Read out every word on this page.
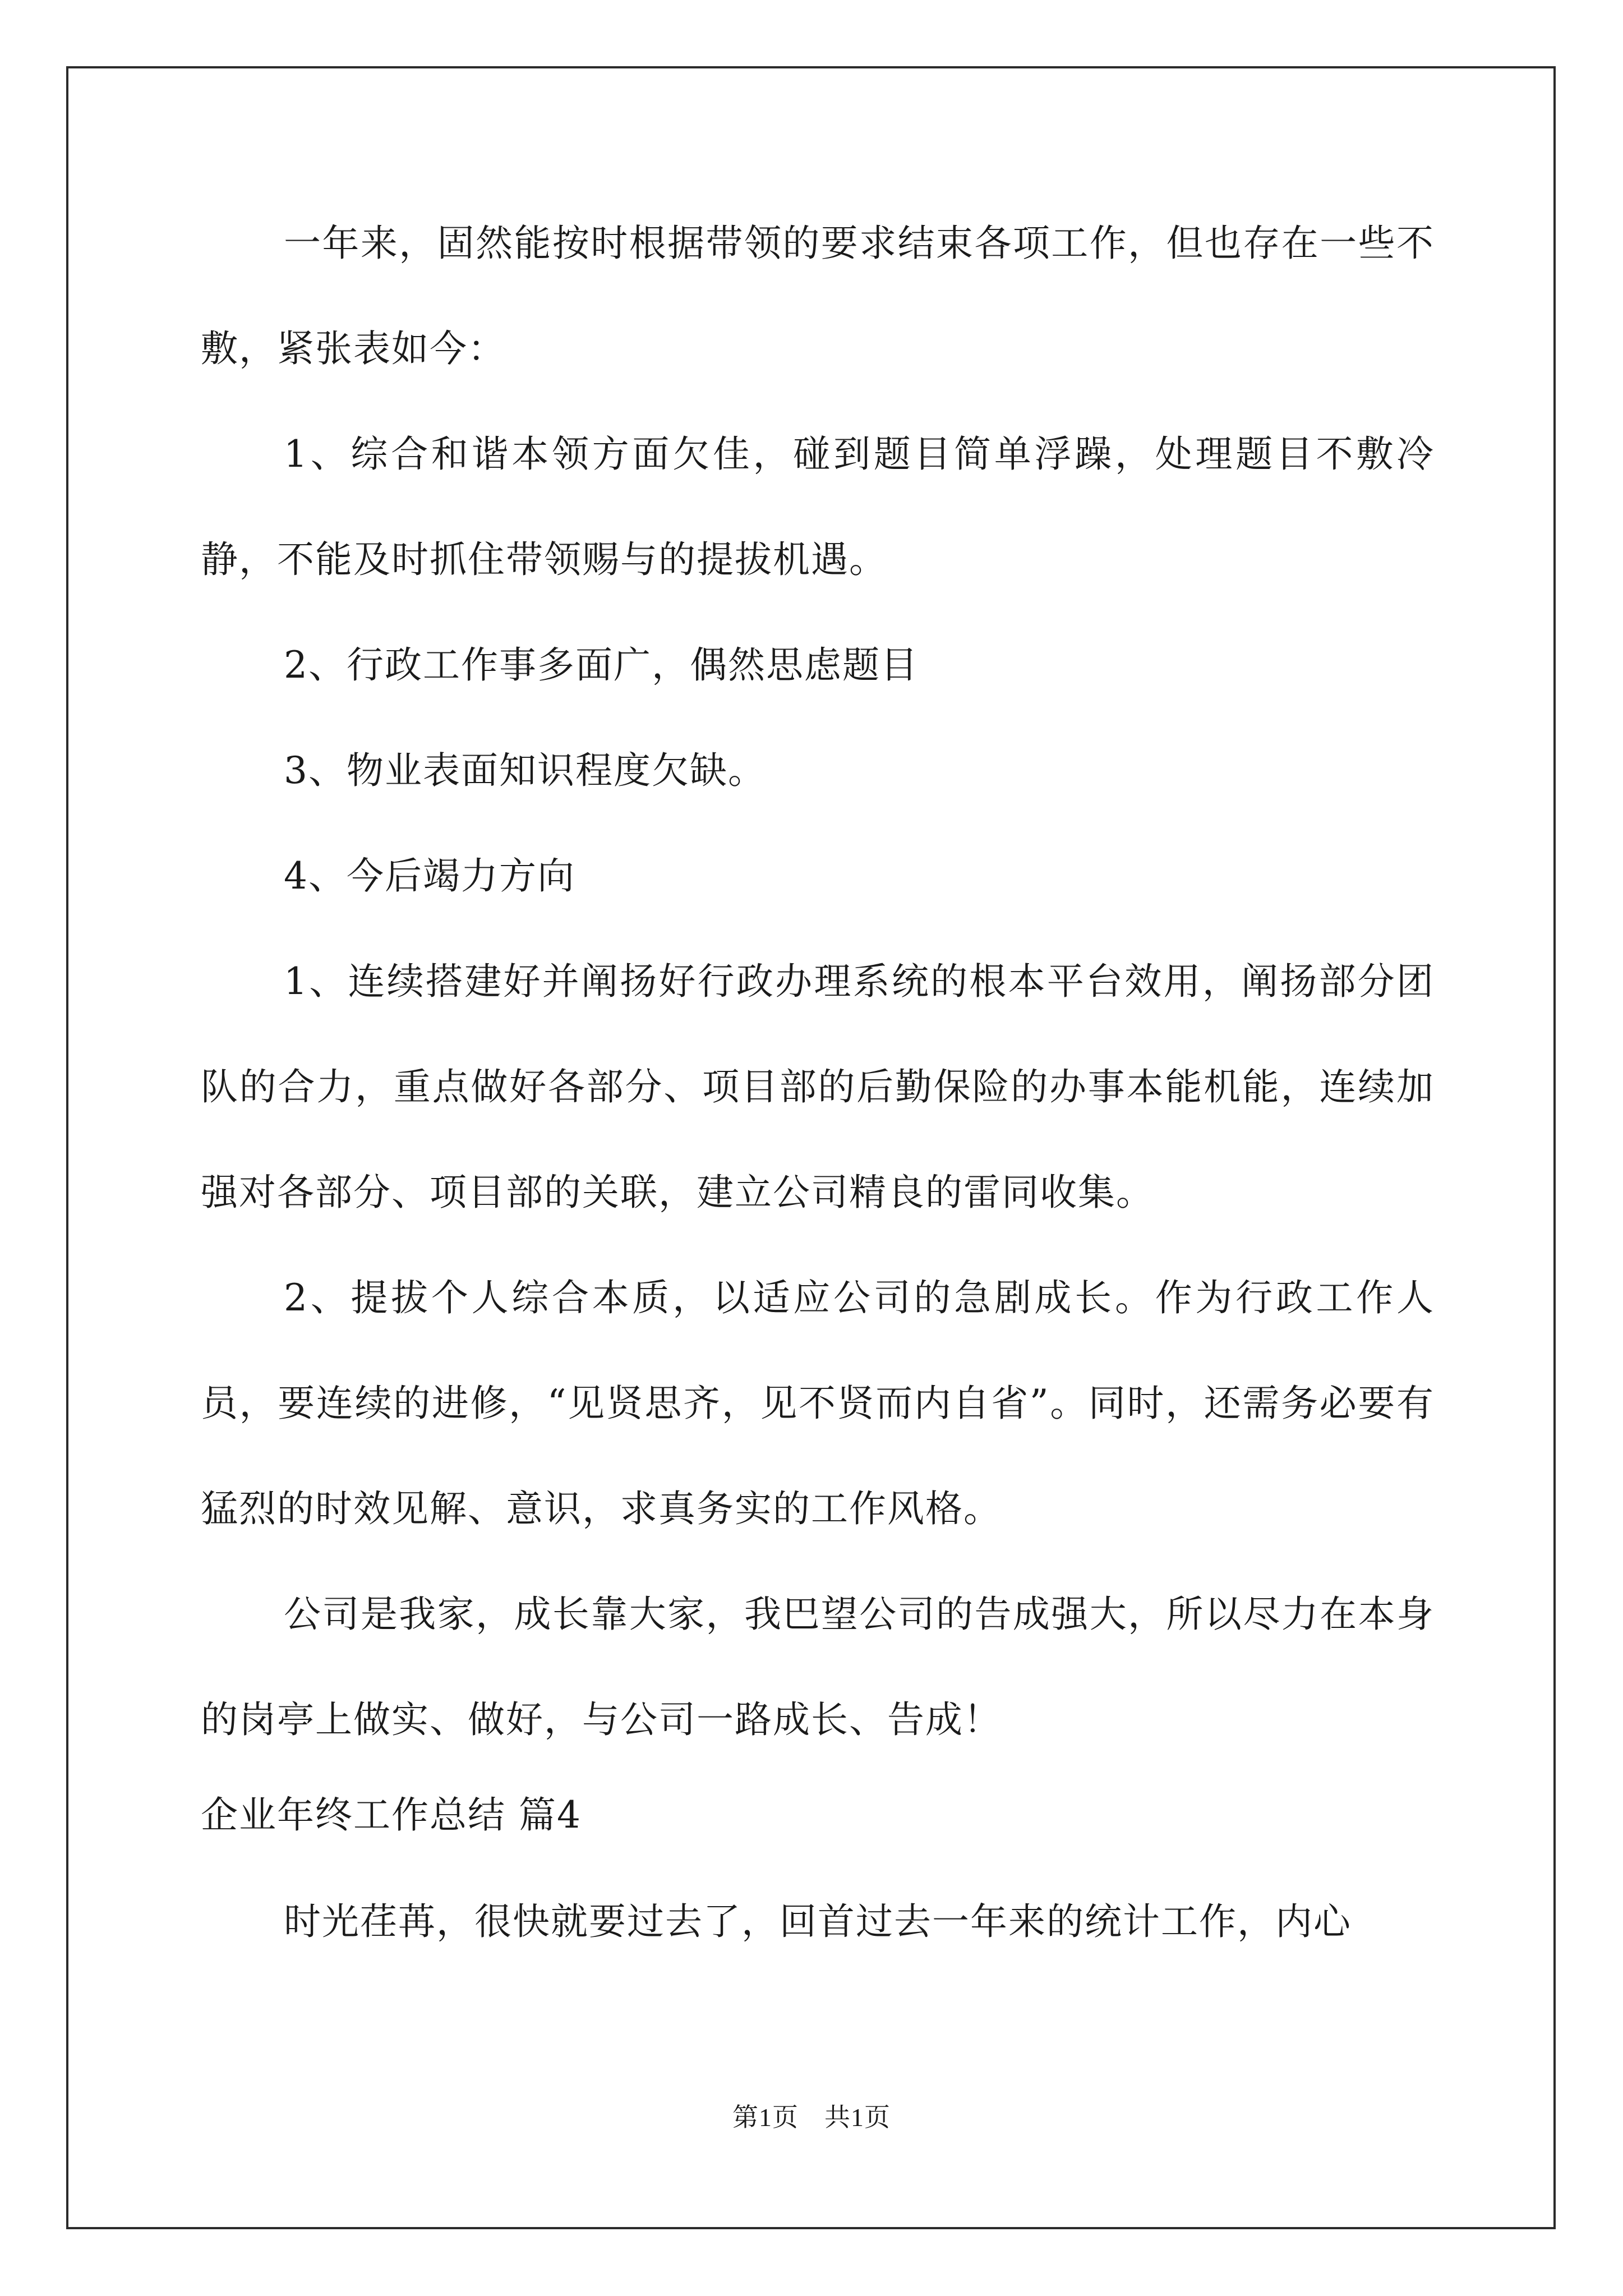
一年来，固然能按时根据带领的要求结束各项工作，但也存在一些不敷，紧张表如今：

1、综合和谐本领方面欠佳，碰到题目简单浮躁，处理题目不敷冷静，不能及时抓住带领赐与的提拔机遇。

2、行政工作事多面广，偶然思虑题目

3、物业表面知识程度欠缺。

4、今后竭力方向

1、连续搭建好并阐扬好行政办理系统的根本平台效用，阐扬部分团队的合力，重点做好各部分、项目部的后勤保险的办事本能机能，连续加强对各部分、项目部的关联，建立公司精良的雷同收集。

2、提拔个人综合本质，以适应公司的急剧成长。作为行政工作人员，要连续的进修，“见贤思齐，见不贤而内自省”。同时，还需务必要有猛烈的时效见解、意识，求真务实的工作风格。

公司是我家，成长靠大家，我巴望公司的告成强大，所以尽力在本身的岗亭上做实、做好，与公司一路成长、告成！

企业年终工作总结 篇4

时光荏苒，很快就要过去了，回首过去一年来的统计工作，内心

第1页 共1页
